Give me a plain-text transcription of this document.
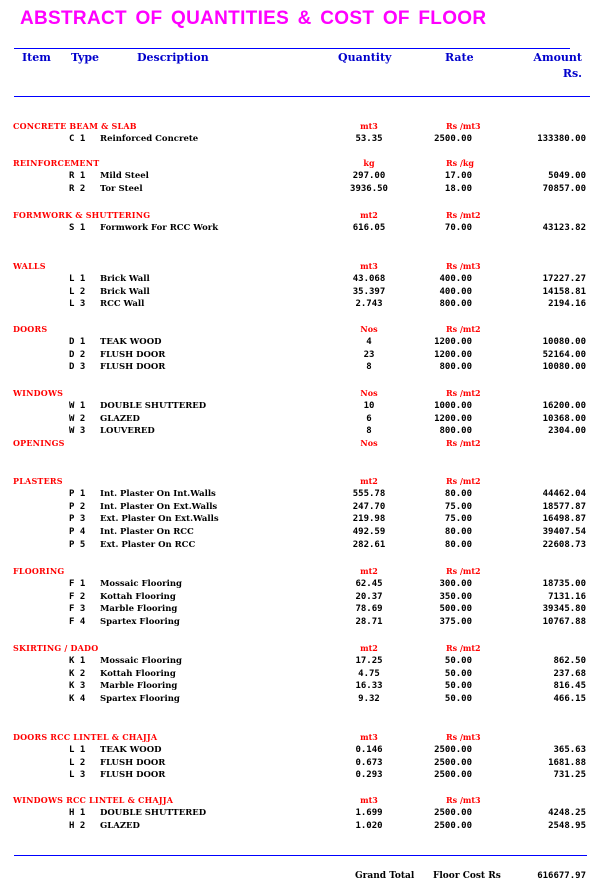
ABSTRACT OF QUANTITIES & COST OF FLOOR
Item Type	Description	Quantity	Rate	Amount
Rs.
CONCRETE BEAM & SLAB	mt3	Rs /mt3
C 1 Reinforced Concrete	53.35	2500.00	133380.00
REINFORCEMENT	kg	Rs /kg
R 1 Mild Steel	297.00	17.00	5049.00
R 2 Tor Steel	3936.50	18.00	70857.00
FORMWORK & SHUTTERING	mt2	Rs /mt2
S 1 Formwork For RCC Work	616.05	70.00	43123.82
WALLS	mt3	Rs /mt3
L 1 Brick Wall	43.068	400.00	17227.27
L 2 Brick Wall	35.397	400.00	14158.81
L 3 RCC Wall	2.743	800.00	2194.16
DOORS	Nos	Rs /mt2
D 1 TEAK WOOD	4	1200.00	10080.00
D 2 FLUSH DOOR	23	1200.00	52164.00
D 3 FLUSH DOOR	8	800.00	10080.00
WINDOWS	Nos	Rs /mt2
W 1 DOUBLE SHUTTERED	10	1000.00	16200.00
W 2 GLAZED	6	1200.00	10368.00
W 3 LOUVERED	8	800.00	2304.00
OPENINGS	Nos	Rs /mt2
PLASTERS	mt2	Rs /mt2
P 1 Int. Plaster On Int.Walls	555.78	80.00	44462.04
P 2 Int. Plaster On Ext.Walls	247.70	75.00	18577.87
P 3 Ext. Plaster On Ext.Walls	219.98	75.00	16498.87
P 4 Int. Plaster On RCC	492.59	80.00	39407.54
P 5 Ext. Plaster On RCC	282.61	80.00	22608.73
FLOORING	mt2	Rs /mt2
F 1 Mossaic Flooring	62.45	300.00	18735.00
F 2 Kottah Flooring	20.37	350.00	7131.16
F 3 Marble Flooring	78.69	500.00	39345.80
F 4 Spartex Flooring	28.71	375.00	10767.88
SKIRTING / DADO	mt2	Rs /mt2
K 1 Mossaic Flooring	17.25	50.00	862.50
K 2 Kottah Flooring	4.75	50.00	237.68
K 3 Marble Flooring	16.33	50.00	816.45
K 4 Spartex Flooring	9.32	50.00	466.15
DOORS RCC LINTEL & CHAJJA	mt3	Rs /mt3
L 1 TEAK WOOD	0.146	2500.00	365.63
L 2 FLUSH DOOR	0.673	2500.00	1681.88
L 3 FLUSH DOOR	0.293	2500.00	731.25
WINDOWS RCC LINTEL & CHAJJA	mt3	Rs /mt3
H 1 DOUBLE SHUTTERED	1.699	2500.00	4248.25
H 2 GLAZED	1.020	2500.00	2548.95
Grand Total Floor Cost Rs	616677.97
